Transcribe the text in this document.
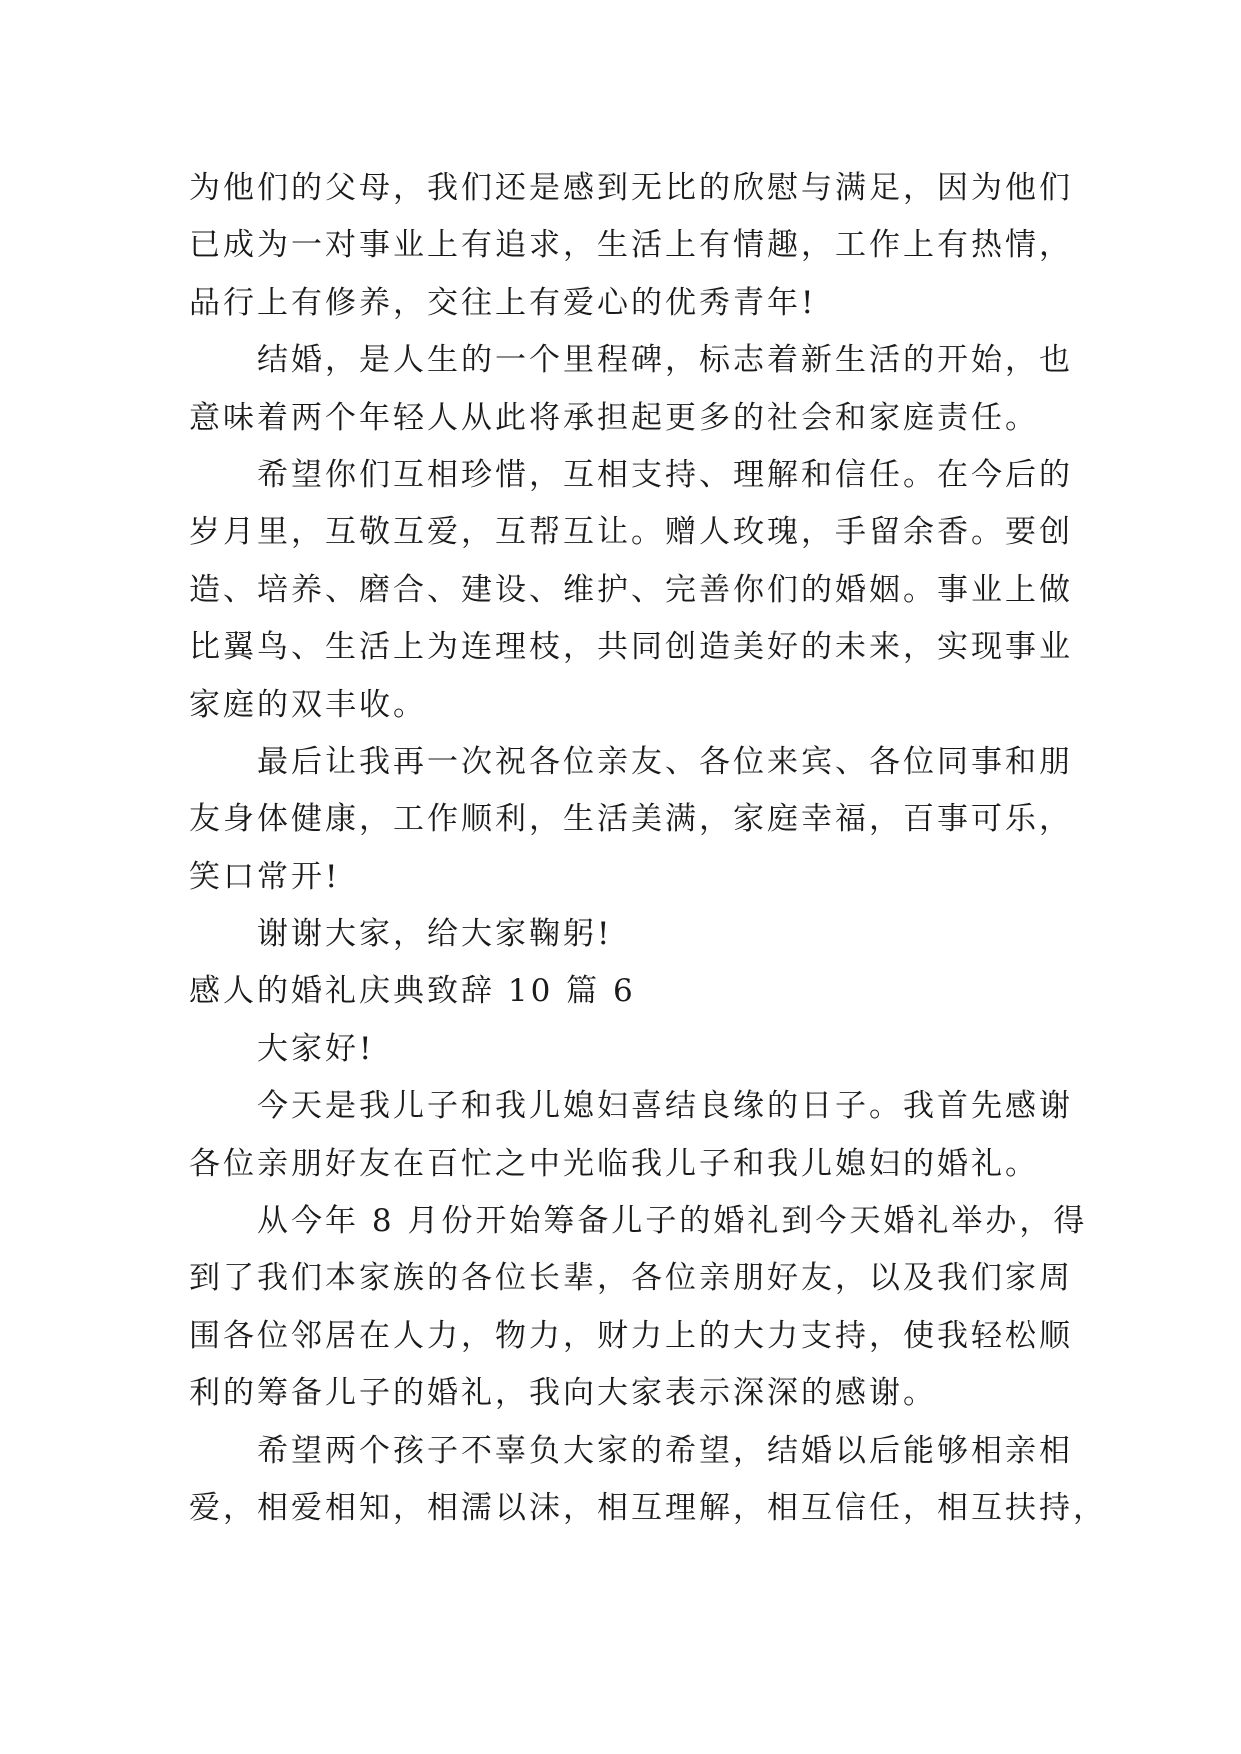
为他们的父母，我们还是感到无比的欣慰与满足，因为他们
已成为一对事业上有追求，生活上有情趣，工作上有热情，
品行上有修养，交往上有爱心的优秀青年!
结婚，是人生的一个里程碑，标志着新生活的开始，也
意味着两个年轻人从此将承担起更多的社会和家庭责任。
希望你们互相珍惜，互相支持、理解和信任。在今后的
岁月里，互敬互爱，互帮互让。赠人玫瑰，手留余香。要创
造、培养、磨合、建设、维护、完善你们的婚姻。事业上做
比翼鸟、生活上为连理枝，共同创造美好的未来，实现事业
家庭的双丰收。
最后让我再一次祝各位亲友、各位来宾、各位同事和朋
友身体健康，工作顺利，生活美满，家庭幸福，百事可乐，
笑口常开!
谢谢大家，给大家鞠躬!
感人的婚礼庆典致辞 10 篇 6
大家好!
今天是我儿子和我儿媳妇喜结良缘的日子。我首先感谢
各位亲朋好友在百忙之中光临我儿子和我儿媳妇的婚礼。
从今年 8 月份开始筹备儿子的婚礼到今天婚礼举办，得
到了我们本家族的各位长辈，各位亲朋好友，以及我们家周
围各位邻居在人力，物力，财力上的大力支持，使我轻松顺
利的筹备儿子的婚礼，我向大家表示深深的感谢。
希望两个孩子不辜负大家的希望，结婚以后能够相亲相
爱，相爱相知，相濡以沫，相互理解，相互信任，相互扶持，
